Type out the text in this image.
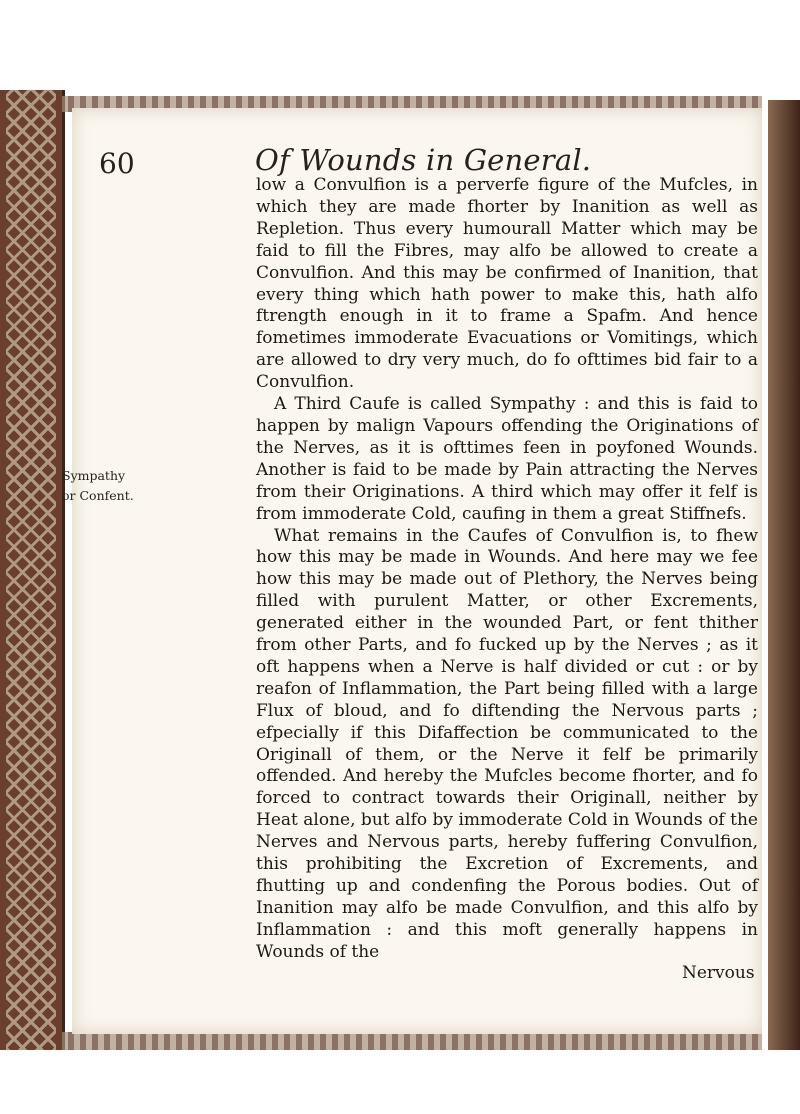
60	Of Wounds in General.
Sympathy
or Confent.

low a Convulfion is a perverfe figure of the Mufcles, in which they are made fhorter by Inanition as well as Repletion. Thus every humourall Matter which may be faid to fill the Fibres, may alfo be allowed to create a Convulfion. And this may be confirmed of Inanition, that every thing which hath power to make this, hath alfo ftrength enough in it to frame a Spafm. And hence fometimes immoderate Evacuations or Vomitings, which are allowed to dry very much, do fo ofttimes bid fair to a Convulfion.

A Third Caufe is called Sympathy : and this is faid to happen by malign Vapours offending the Originations of the Nerves, as it is ofttimes feen in poyfoned Wounds. Another is faid to be made by Pain attracting the Nerves from their Originations. A third which may offer it felf is from immoderate Cold, caufing in them a great Stiffnefs.

What remains in the Caufes of Convulfion is, to fhew how this may be made in Wounds. And here may we fee how this may be made out of Plethory, the Nerves being filled with purulent Matter, or other Excrements, generated either in the wounded Part, or fent thither from other Parts, and fo fucked up by the Nerves ; as it oft happens when a Nerve is half divided or cut : or by reafon of Inflammation, the Part being filled with a large Flux of bloud, and fo diftending the Nervous parts ; efpecially if this Difaffection be communicated to the Originall of them, or the Nerve it felf be primarily offended. And hereby the Mufcles become fhorter, and fo forced to contract towards their Originall, neither by Heat alone, but alfo by immoderate Cold in Wounds of the Nerves and Nervous parts, hereby fuffering Convulfion, this prohibiting the Excretion of Excrements, and fhutting up and condenfing the Porous bodies. Out of Inanition may alfo be made Convulfion, and this alfo by Inflammation : and this moft generally happens in Wounds of the

Nervous
